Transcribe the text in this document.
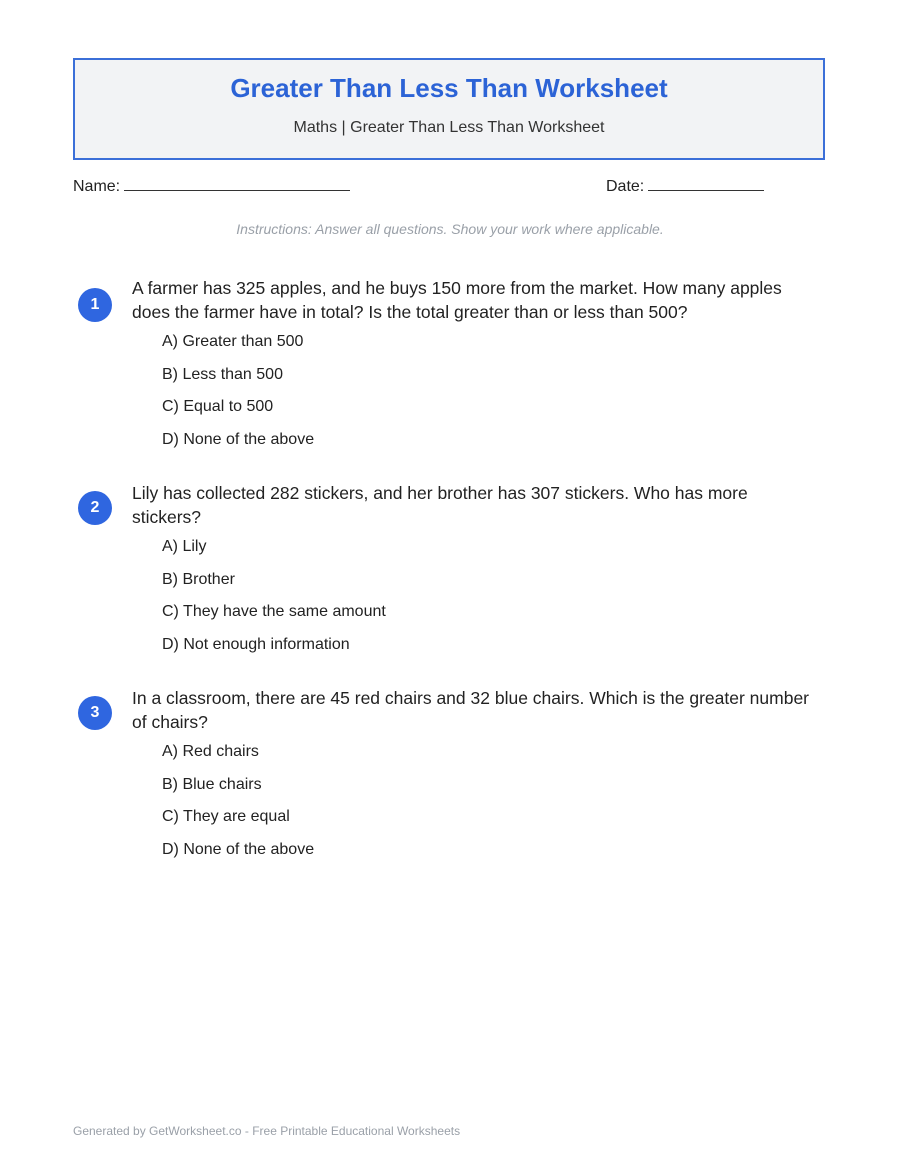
Greater Than Less Than Worksheet
Maths | Greater Than Less Than Worksheet
Name:	Date:
Instructions: Answer all questions. Show your work where applicable.
1
A farmer has 325 apples, and he buys 150 more from the market. How many apples does the farmer have in total? Is the total greater than or less than 500?
A) Greater than 500
B) Less than 500
C) Equal to 500
D) None of the above
2
Lily has collected 282 stickers, and her brother has 307 stickers. Who has more stickers?
A) Lily
B) Brother
C) They have the same amount
D) Not enough information
3
In a classroom, there are 45 red chairs and 32 blue chairs. Which is the greater number of chairs?
A) Red chairs
B) Blue chairs
C) They are equal
D) None of the above
Generated by GetWorksheet.co - Free Printable Educational Worksheets
